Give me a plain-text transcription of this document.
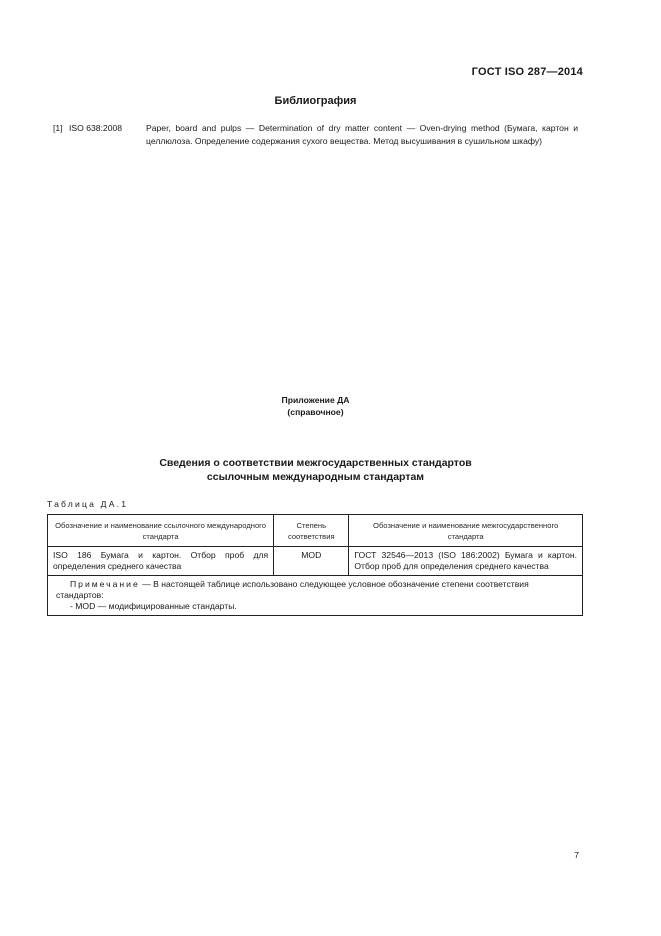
ГОСТ ISO 287—2014
Библиография
[1] ISO 638:2008	Paper, board and pulps — Determination of dry matter content — Oven-drying method (Бумага, картон и целлюлоза. Определение содержания сухого вещества. Метод высушивания в сушильном шкафу)
Приложение ДА
(справочное)
Сведения о соответствии межгосударственных стандартов
ссылочным международным стандартам
Таблица ДА.1
Обозначение и наименование ссылочного международного стандарта	Степень соответствия	Обозначение и наименование межгосударственного стандарта
ISO 186 Бумага и картон. Отбор проб для определения среднего качества	MOD	ГОСТ 32546—2013 (ISO 186:2002) Бумага и картон. Отбор проб для определения среднего качества
Примечание — В настоящей таблице использовано следующее условное обозначение степени соответствия стандартов:
- MOD — модифицированные стандарты.		
7
